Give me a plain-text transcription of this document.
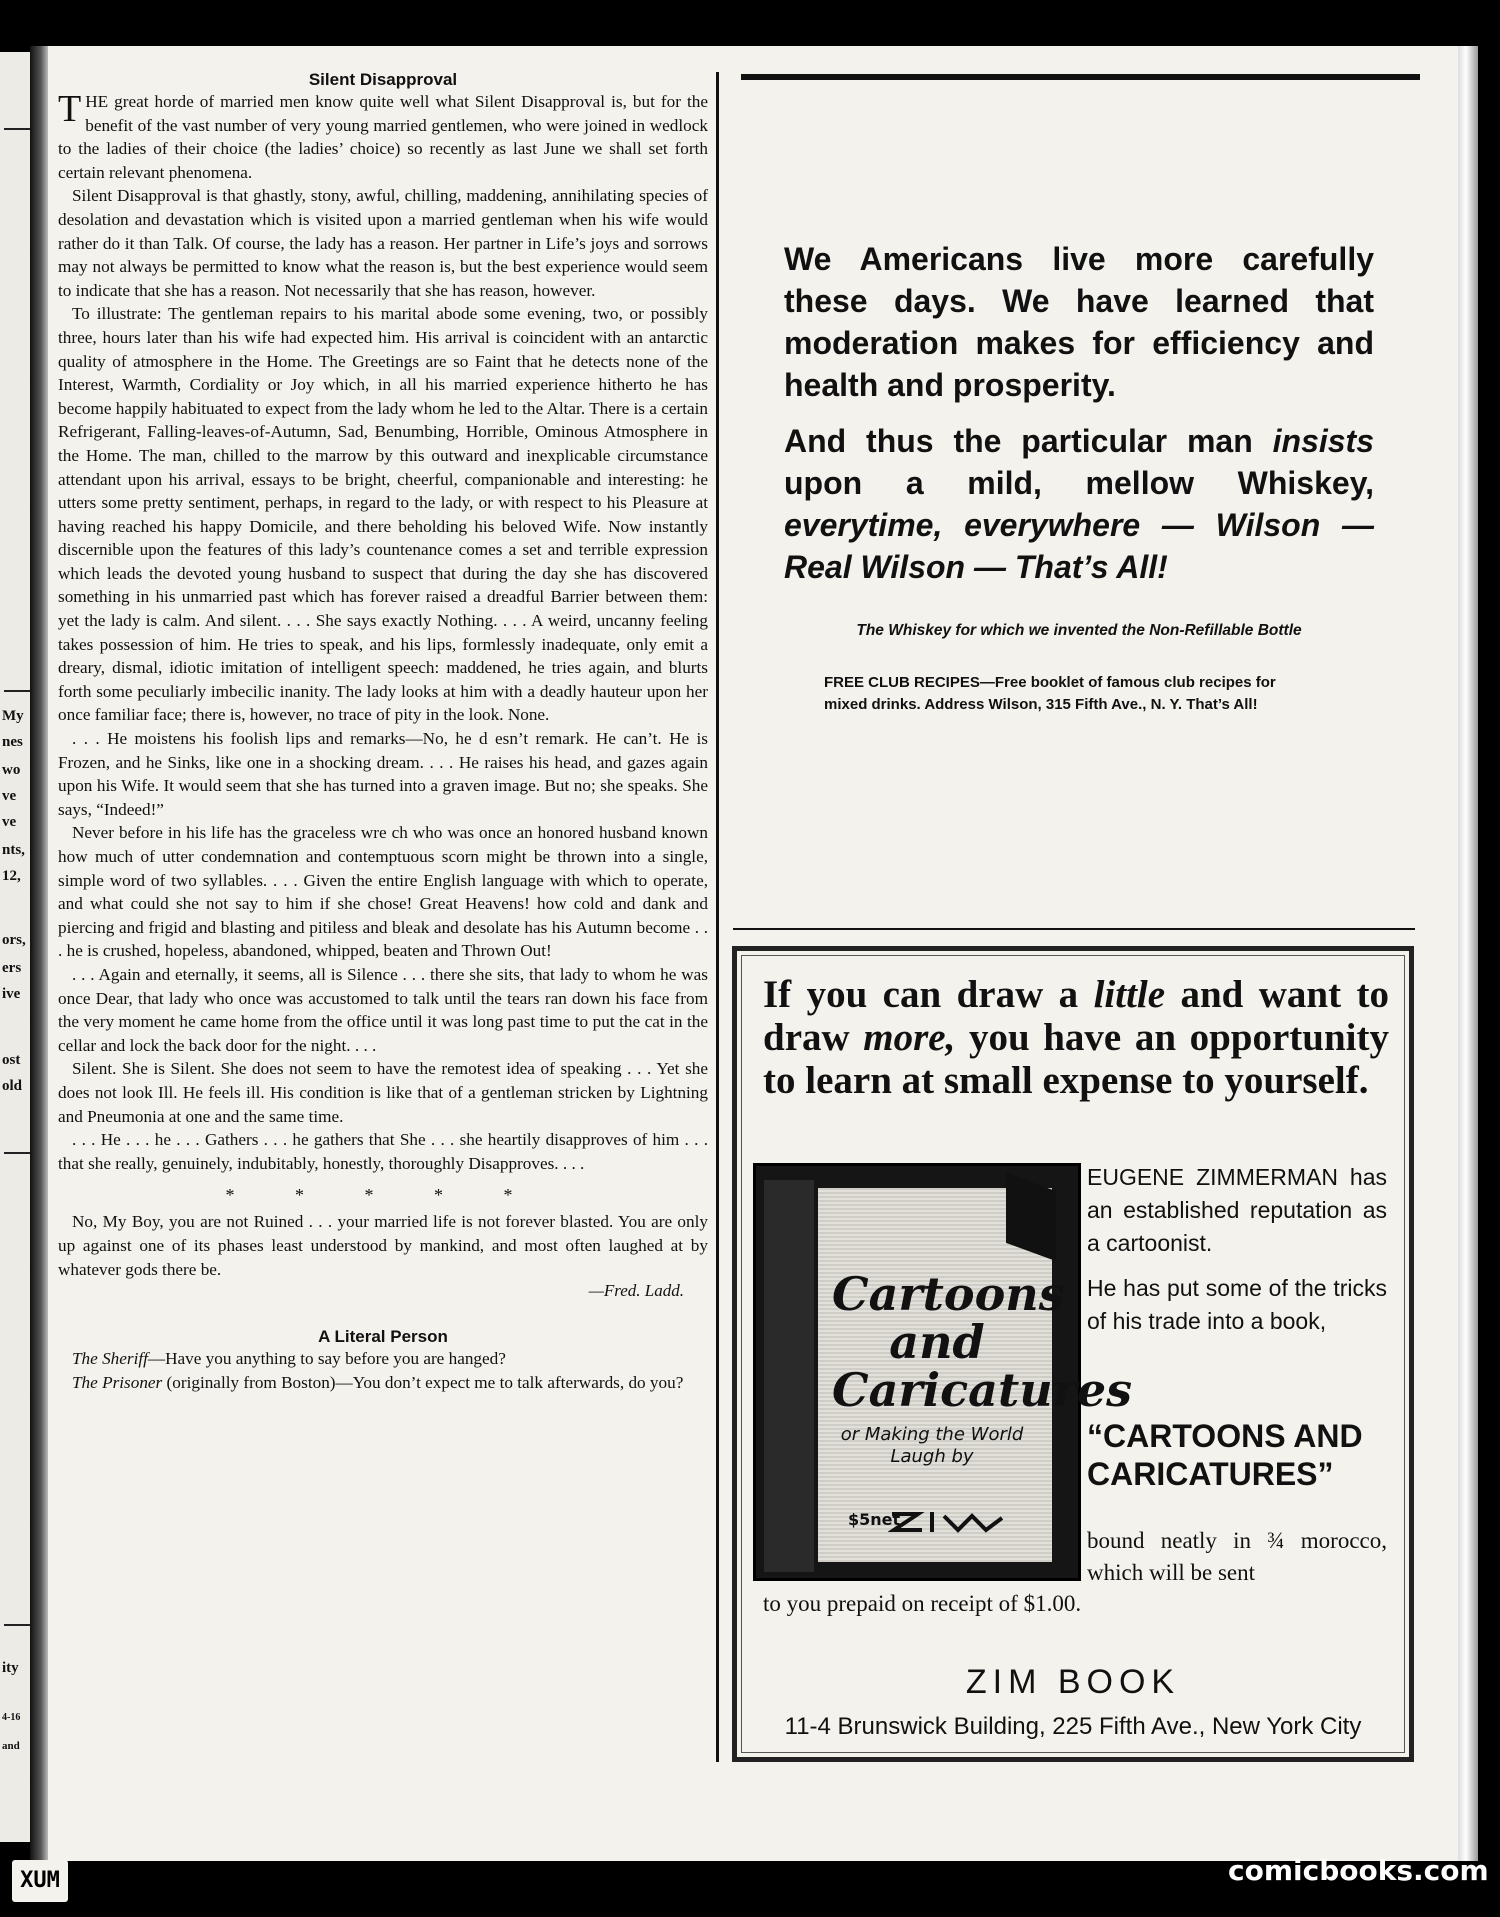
My
nes
wo
ve
ve
nts,
12,
ors,
ers
ive
ost
old
ity
4-16
and
Silent Disapproval

THE great horde of married men know quite well what Silent Disapproval is, but for the benefit of the vast number of very young married gentlemen, who were joined in wedlock to the ladies of their choice (the ladies’ choice) so recently as last June we shall set forth certain relevant phenomena.

Silent Disapproval is that ghastly, stony, awful, chilling, maddening, annihilating species of desolation and devastation which is visited upon a married gentleman when his wife would rather do it than Talk. Of course, the lady has a reason. Her partner in Life’s joys and sorrows may not always be permitted to know what the reason is, but the best experience would seem to indicate that she has a reason. Not necessarily that she has reason, however.

To illustrate: The gentleman repairs to his marital abode some evening, two, or possibly three, hours later than his wife had expected him. His arrival is coincident with an antarctic quality of atmosphere in the Home. The Greetings are so Faint that he detects none of the Interest, Warmth, Cordiality or Joy which, in all his married experience hitherto he has become happily habituated to expect from the lady whom he led to the Altar. There is a certain Refrigerant, Falling-leaves-of-Autumn, Sad, Benumbing, Horrible, Ominous Atmosphere in the Home. The man, chilled to the marrow by this outward and inexplicable circumstance attendant upon his arrival, essays to be bright, cheerful, companionable and interesting: he utters some pretty sentiment, perhaps, in regard to the lady, or with respect to his Pleasure at having reached his happy Domicile, and there beholding his beloved Wife. Now instantly discernible upon the features of this lady’s countenance comes a set and terrible expression which leads the devoted young husband to suspect that during the day she has discovered something in his unmarried past which has forever raised a dreadful Barrier between them: yet the lady is calm. And silent. . . . She says exactly Nothing. . . . A weird, uncanny feeling takes possession of him. He tries to speak, and his lips, formlessly inadequate, only emit a dreary, dismal, idiotic imitation of intelligent speech: maddened, he tries again, and blurts forth some peculiarly imbecilic inanity. The lady looks at him with a deadly hauteur upon her once familiar face; there is, however, no trace of pity in the look. None.

. . . He moistens his foolish lips and remarks—No, he d esn’t remark. He can’t. He is Frozen, and he Sinks, like one in a shocking dream. . . . He raises his head, and gazes again upon his Wife. It would seem that she has turned into a graven image. But no; she speaks. She says, “Indeed!”

Never before in his life has the graceless wre ch who was once an honored husband known how much of utter condemnation and contemptuous scorn might be thrown into a single, simple word of two syllables. . . . Given the entire English language with which to operate, and what could she not say to him if she chose! Great Heavens! how cold and dank and piercing and frigid and blasting and pitiless and bleak and desolate has his Autumn become . . . he is crushed, hopeless, abandoned, whipped, beaten and Thrown Out!

. . . Again and eternally, it seems, all is Silence . . . there she sits, that lady to whom he was once Dear, that lady who once was accustomed to talk until the tears ran down his face from the very moment he came home from the office until it was long past time to put the cat in the cellar and lock the back door for the night. . . .

Silent. She is Silent. She does not seem to have the remotest idea of speaking . . . Yet she does not look Ill. He feels ill. His condition is like that of a gentleman stricken by Lightning and Pneumonia at one and the same time.

. . . He . . . he . . . Gathers . . . he gathers that She . . . she heartily disapproves of him . . . that she really, genuinely, indubitably, honestly, thoroughly Disapproves. . . .

* * * * *

No, My Boy, you are not Ruined . . . your married life is not forever blasted. You are only up against one of its phases least understood by mankind, and most often laughed at by whatever gods there be.

—Fred. Ladd.
A Literal Person

The Sheriff—Have you anything to say before you are hanged?

The Prisoner (originally from Boston)—You don’t expect me to talk afterwards, do you?

We Americans live more carefully these days. We have learned that moderation makes for efficiency and health and prosperity.

And thus the particular man insists upon a mild, mellow Whiskey, everytime, everywhere — Wilson — Real Wilson — That’s All!

The Whiskey for which we invented the Non-Refillable Bottle
FREE CLUB RECIPES—Free booklet of famous club recipes for
mixed drinks. Address Wilson, 315 Fifth Ave., N. Y. That’s All!
If you can draw a little and want to draw more, you have an opportunity to learn at small expense to yourself.
Cartoons and Caricatures
or Making the World Laugh by
$5net

EUGENE ZIMMERMAN has an established reputation as a cartoonist.

He has put some of the tricks of his trade into a book,

“CARTOONS AND CARICATURES”
bound neatly in ¾ morocco, which will be sent
to you prepaid on receipt of $1.00.
ZIM BOOK
11-4 Brunswick Building, 225 Fifth Ave., New York City
XUM	comicbooks.com
